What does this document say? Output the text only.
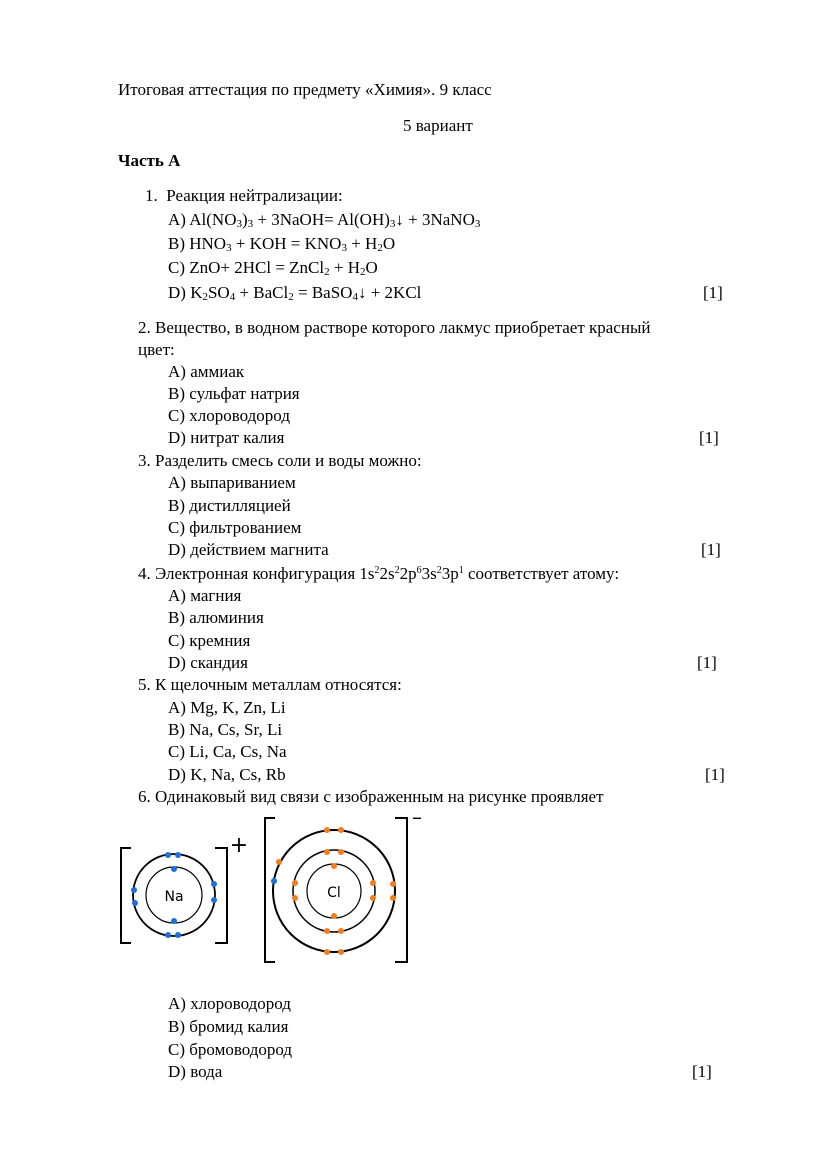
Итоговая аттестация по предмету «Химия». 9 класс
5 вариант
Часть А
1. Реакция нейтрализации:
A) $Al(NO_3)_3$ + 3NaOH= $Al(OH)_3↓$ + 3NaNO$_3$
B) $HNO_3$ + KOH = $KNO_3 + H_2O$
C) ZnO+ 2HCl = ZnCl$_2$ + $H_2O$
D) $K_2SO_4$ + BaCl$_2$ = BaSO$_4$↓ + 2KCl	[1]
2. Вещество, в водном растворе которого лакмус приобретает красный
цвет:
A) аммиак
B) сульфат натрия
C) хлороводород
D) нитрат калия	[1]
3. Разделить смесь соли и воды можно:
A) выпариванием
B) дистилляцией
C) фильтрованием
D) действием магнита	[1]
4. Электронная конфигурация $1s^22s^22p^63s^23p^1$ соответствует атому:
A) магния
B) алюминия
C) кремния
D) скандия	[1]
5. К щелочным металлам относятся:
A) Mg, K, Zn, Li
B) Na, Cs, Sr, Li
C) Li, Ca, Cs, Na
D) K, Na, Cs, Rb	[1]
6. Одинаковый вид связи с изображенным на рисунке проявляет
Na
+
Cl
–
A) хлороводород
B) бромид калия
C) бромоводород
D) вода	[1]
